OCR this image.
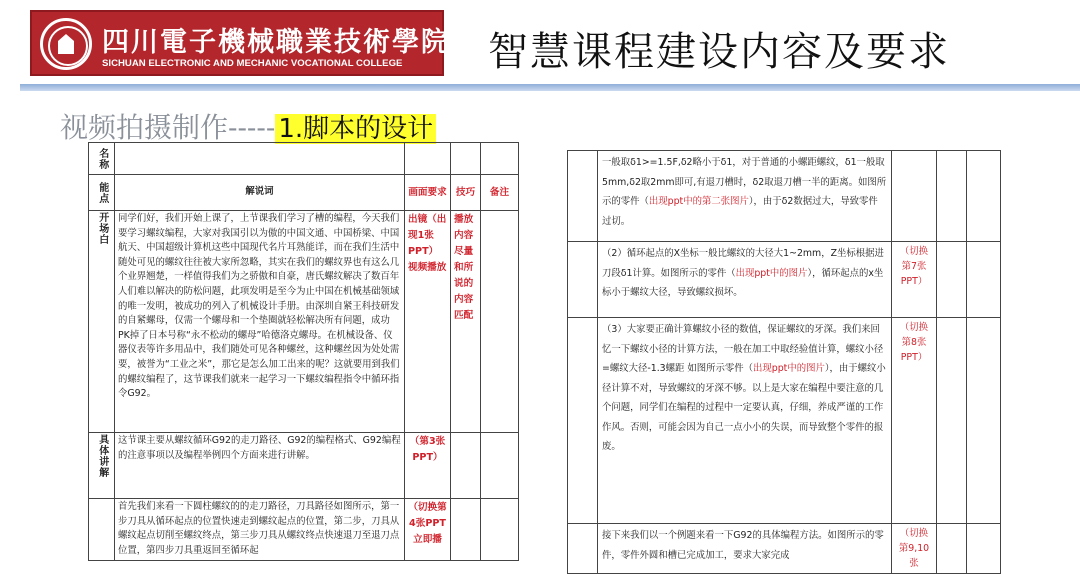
四川電子機械職業技術學院
SICHUAN ELECTRONIC AND MECHANIC VOCATIONAL COLLEGE	智慧课程建设内容及要求
视频拍摄制作----- 1.脚本的设计
名称				

能点	解说词	画面要求	技巧	备注

开场白	同学们好，我们开始上课了，上节课我们学习了槽的编程，今天我们要学习螺纹编程，大家对我国引以为傲的中国文通、中国桥梁、中国航天、中国超级计算机这些中国现代名片耳熟能详，而在我们生活中随处可见的螺纹往往被大家所忽略，其实在我们的螺纹界也有这么几个业界翘楚，一样值得我们为之骄傲和自豪，唐氏螺纹解决了数百年人们难以解决的防松问题，此项发明是至今为止中国在机械基础领域的唯一发明，被成功的列入了机械设计手册。由深圳自紧王科技研发的自紧螺母，仅需一个螺母和一个垫圈就轻松解决所有问题，成功PK掉了日本号称“永不松动的螺母”哈德洛克螺母。在机械设备、仪器仪表等许多用品中，我们随处可见各种螺丝，这种螺丝因为处处需要，被誉为“工业之米”，那它是怎么加工出来的呢？这就要用到我们的螺纹编程了，这节课我们就来一起学习一下螺纹编程指令中循环指令G92。	出镜（出现1张PPT）视频播放	播放内容尽量和所说的内容匹配	

具体讲解	这节课主要从螺纹循环G92的走刀路径、G92的编程格式、G92编程的注意事项以及编程举例四个方面来进行讲解。	（第3张PPT）		
	首先我们来看一下圆柱螺纹的的走刀路径，刀具路径如图所示，第一步刀具从循环起点的位置快速走到螺纹起点的位置，第二步，刀具从螺纹起点切削至螺纹终点，第三步刀具从螺纹终点快速退刀至退刀点位置，第四步刀具重返回至循环起	（切换第4张PPT立即播		
	一般取δ1>=1.5F,δ2略小于δ1，对于普通的小螺距螺纹，δ1一般取5mm,δ2取2mm即可,有退刀槽时，δ2取退刀槽一半的距离。如图所示的零件（出现ppt中的第二张图片），由于δ2数据过大，导致零件过切。			
	（2）循环起点的X坐标一般比螺纹的大径大1~2mm，Z坐标根据进刀段δ1计算。如图所示的零件（出现ppt中的图片），循环起点的x坐标小于螺纹大径，导致螺纹损坏。	（切换第7张PPT）		
	（3）大家要正确计算螺纹小径的数值，保证螺纹的牙深。我们来回忆一下螺纹小径的计算方法，一般在加工中取经验值计算，螺纹小径=螺纹大径-1.3螺距 如图所示零件（出现ppt中的图片），由于螺纹小径计算不对，导致螺纹的牙深不够。以上是大家在编程中要注意的几个问题，同学们在编程的过程中一定要认真，仔细，养成严谨的工作作风。否则，可能会因为自己一点小小的失误，而导致整个零件的报废。	（切换第8张PPT）		
	接下来我们以一个例题来看一下G92的具体编程方法。如图所示的零件，零件外圆和槽已完成加工，要求大家完成	（切换第9,10张		
